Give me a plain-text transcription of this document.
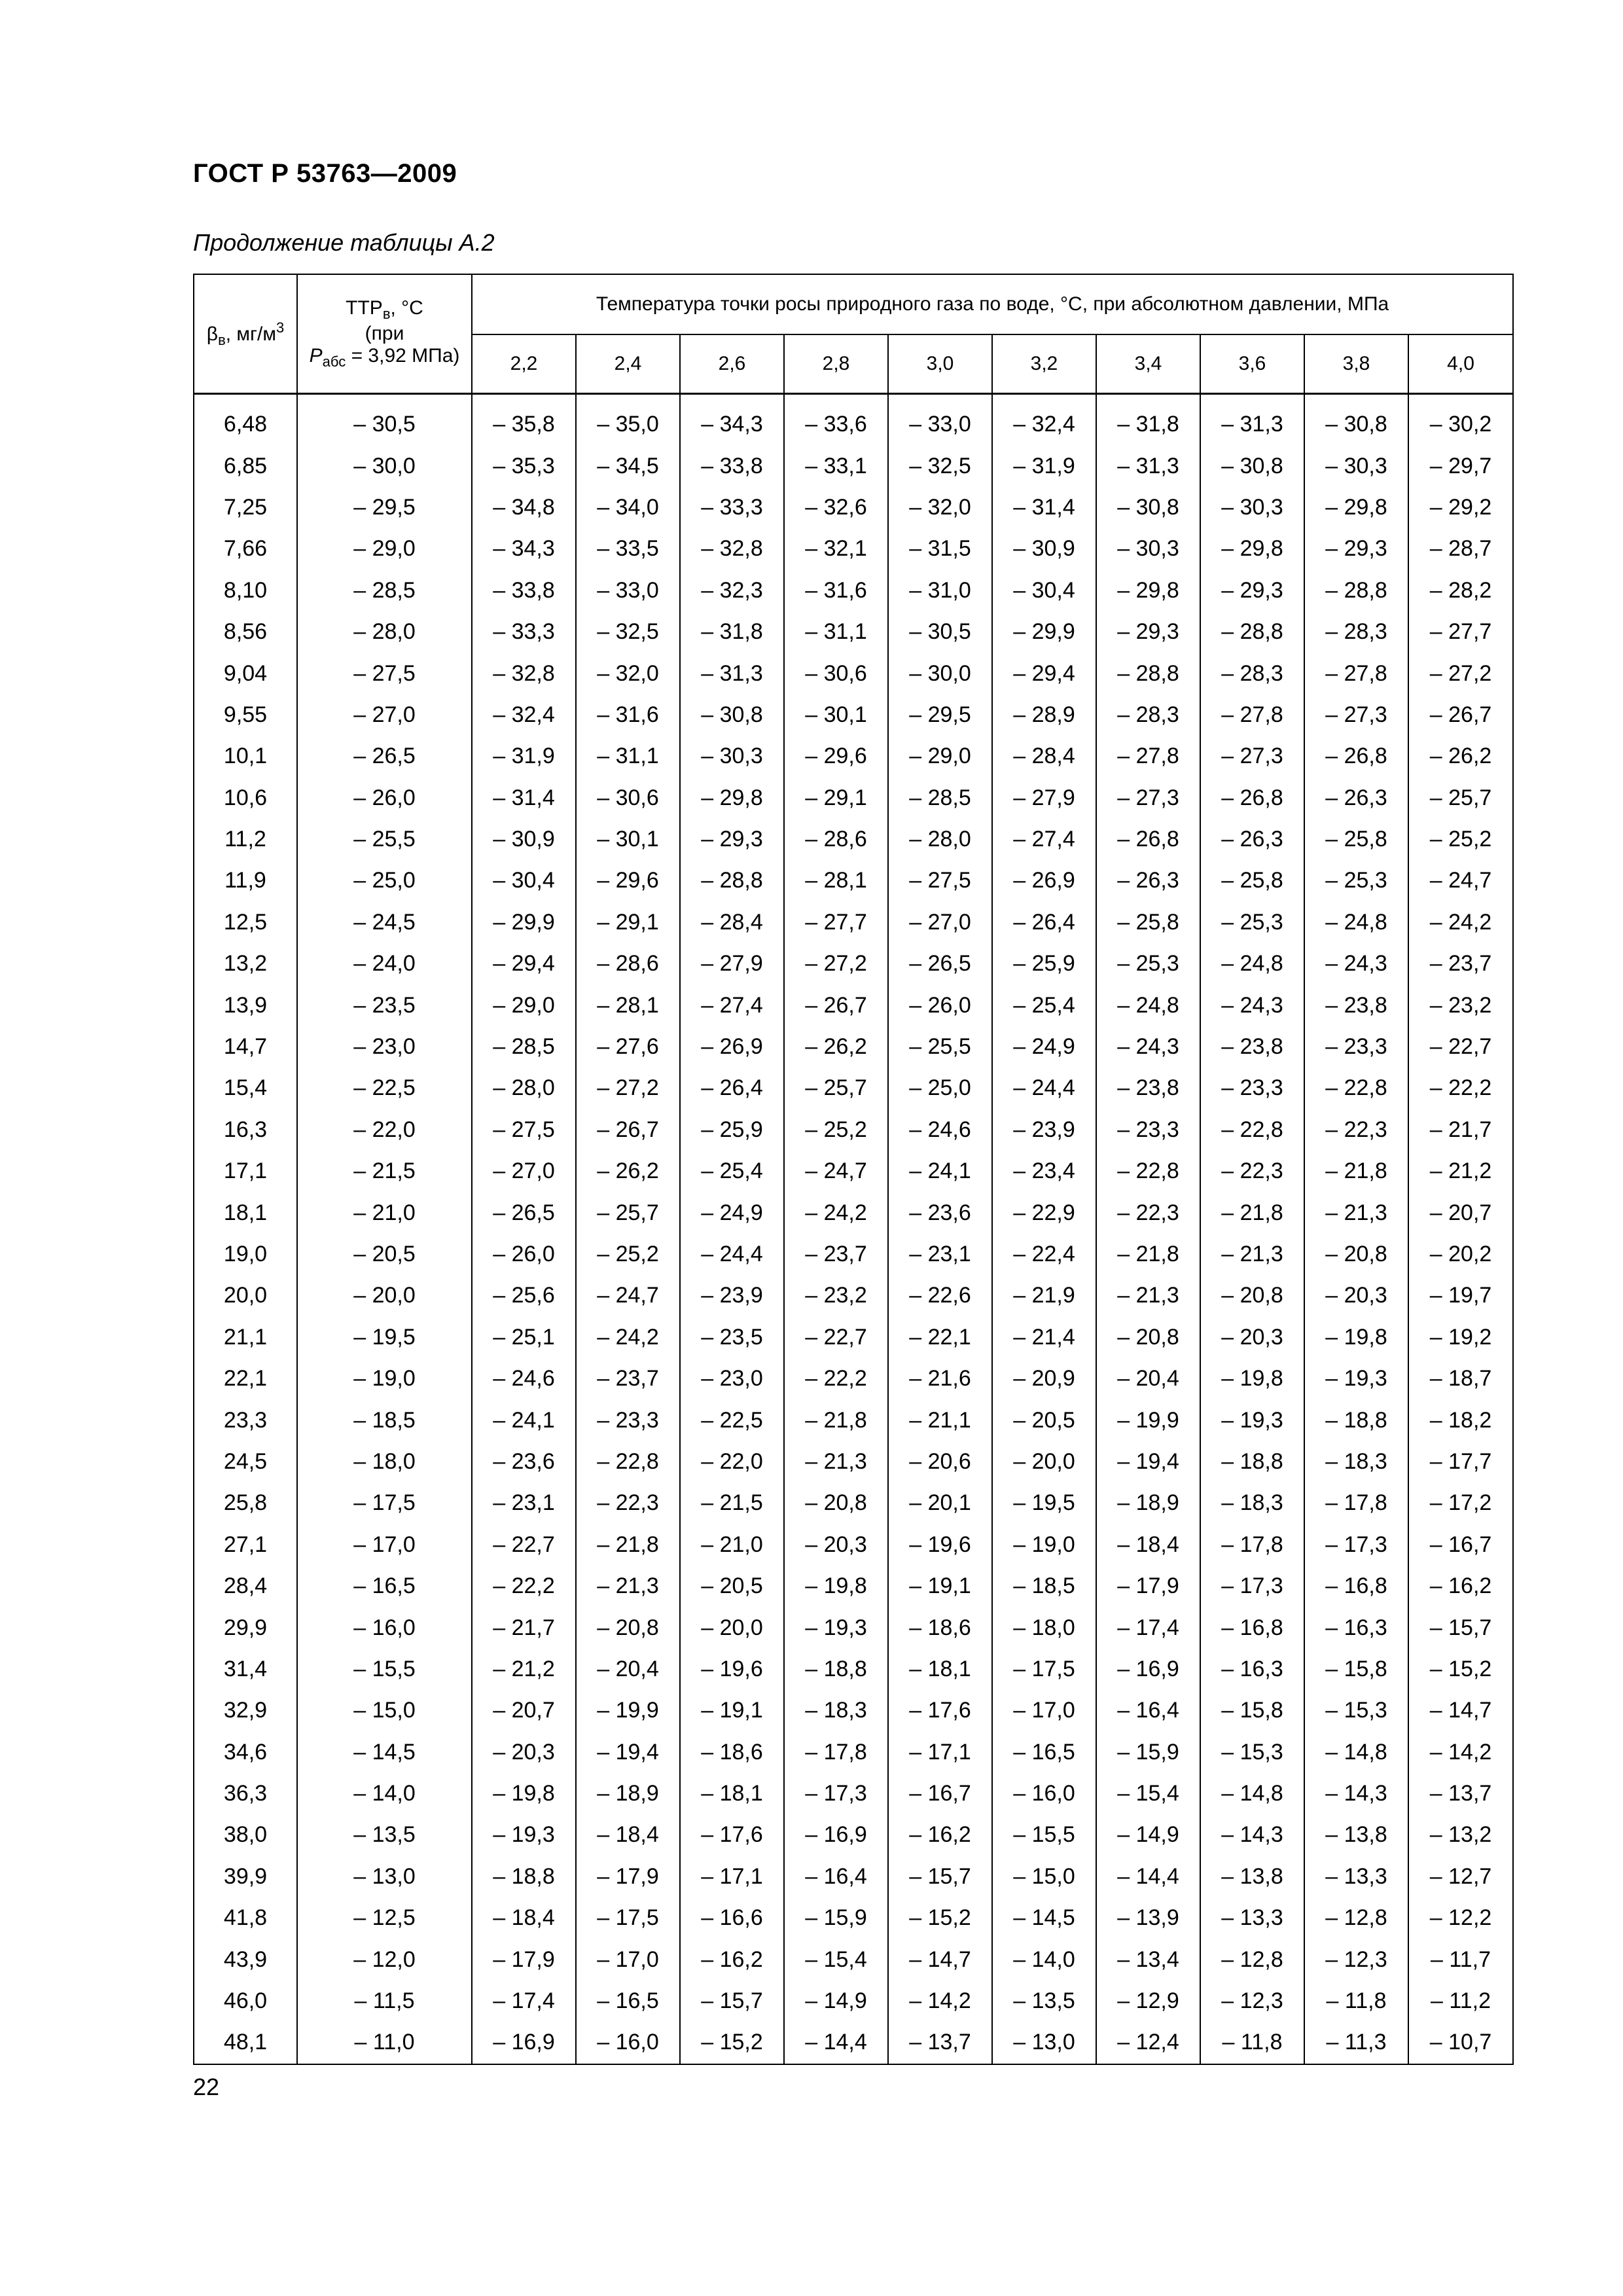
ГОСТ Р 53763—2009
Продолжение таблицы А.2
$\beta_в$, $мг/м^3$	$ТТР_в$, °С
(при
$P_{абс} = 3,92$ МПа)	Температура точки росы природного газа по воде, °С, при абсолютном давлении, МПа									
		2,2	2,4	2,6	2,8	3,0	3,2	3,4	3,6	3,8	4,0

6,48	– 30,5	– 35,8	– 35,0	– 34,3	– 33,6	– 33,0	– 32,4	– 31,8	– 31,3	– 30,8	– 30,2
6,85	– 30,0	– 35,3	– 34,5	– 33,8	– 33,1	– 32,5	– 31,9	– 31,3	– 30,8	– 30,3	– 29,7
7,25	– 29,5	– 34,8	– 34,0	– 33,3	– 32,6	– 32,0	– 31,4	– 30,8	– 30,3	– 29,8	– 29,2
7,66	– 29,0	– 34,3	– 33,5	– 32,8	– 32,1	– 31,5	– 30,9	– 30,3	– 29,8	– 29,3	– 28,7
8,10	– 28,5	– 33,8	– 33,0	– 32,3	– 31,6	– 31,0	– 30,4	– 29,8	– 29,3	– 28,8	– 28,2
8,56	– 28,0	– 33,3	– 32,5	– 31,8	– 31,1	– 30,5	– 29,9	– 29,3	– 28,8	– 28,3	– 27,7
9,04	– 27,5	– 32,8	– 32,0	– 31,3	– 30,6	– 30,0	– 29,4	– 28,8	– 28,3	– 27,8	– 27,2
9,55	– 27,0	– 32,4	– 31,6	– 30,8	– 30,1	– 29,5	– 28,9	– 28,3	– 27,8	– 27,3	– 26,7
10,1	– 26,5	– 31,9	– 31,1	– 30,3	– 29,6	– 29,0	– 28,4	– 27,8	– 27,3	– 26,8	– 26,2
10,6	– 26,0	– 31,4	– 30,6	– 29,8	– 29,1	– 28,5	– 27,9	– 27,3	– 26,8	– 26,3	– 25,7
11,2	– 25,5	– 30,9	– 30,1	– 29,3	– 28,6	– 28,0	– 27,4	– 26,8	– 26,3	– 25,8	– 25,2
11,9	– 25,0	– 30,4	– 29,6	– 28,8	– 28,1	– 27,5	– 26,9	– 26,3	– 25,8	– 25,3	– 24,7
12,5	– 24,5	– 29,9	– 29,1	– 28,4	– 27,7	– 27,0	– 26,4	– 25,8	– 25,3	– 24,8	– 24,2
13,2	– 24,0	– 29,4	– 28,6	– 27,9	– 27,2	– 26,5	– 25,9	– 25,3	– 24,8	– 24,3	– 23,7
13,9	– 23,5	– 29,0	– 28,1	– 27,4	– 26,7	– 26,0	– 25,4	– 24,8	– 24,3	– 23,8	– 23,2
14,7	– 23,0	– 28,5	– 27,6	– 26,9	– 26,2	– 25,5	– 24,9	– 24,3	– 23,8	– 23,3	– 22,7
15,4	– 22,5	– 28,0	– 27,2	– 26,4	– 25,7	– 25,0	– 24,4	– 23,8	– 23,3	– 22,8	– 22,2
16,3	– 22,0	– 27,5	– 26,7	– 25,9	– 25,2	– 24,6	– 23,9	– 23,3	– 22,8	– 22,3	– 21,7
17,1	– 21,5	– 27,0	– 26,2	– 25,4	– 24,7	– 24,1	– 23,4	– 22,8	– 22,3	– 21,8	– 21,2
18,1	– 21,0	– 26,5	– 25,7	– 24,9	– 24,2	– 23,6	– 22,9	– 22,3	– 21,8	– 21,3	– 20,7
19,0	– 20,5	– 26,0	– 25,2	– 24,4	– 23,7	– 23,1	– 22,4	– 21,8	– 21,3	– 20,8	– 20,2
20,0	– 20,0	– 25,6	– 24,7	– 23,9	– 23,2	– 22,6	– 21,9	– 21,3	– 20,8	– 20,3	– 19,7
21,1	– 19,5	– 25,1	– 24,2	– 23,5	– 22,7	– 22,1	– 21,4	– 20,8	– 20,3	– 19,8	– 19,2
22,1	– 19,0	– 24,6	– 23,7	– 23,0	– 22,2	– 21,6	– 20,9	– 20,4	– 19,8	– 19,3	– 18,7
23,3	– 18,5	– 24,1	– 23,3	– 22,5	– 21,8	– 21,1	– 20,5	– 19,9	– 19,3	– 18,8	– 18,2
24,5	– 18,0	– 23,6	– 22,8	– 22,0	– 21,3	– 20,6	– 20,0	– 19,4	– 18,8	– 18,3	– 17,7
25,8	– 17,5	– 23,1	– 22,3	– 21,5	– 20,8	– 20,1	– 19,5	– 18,9	– 18,3	– 17,8	– 17,2
27,1	– 17,0	– 22,7	– 21,8	– 21,0	– 20,3	– 19,6	– 19,0	– 18,4	– 17,8	– 17,3	– 16,7
28,4	– 16,5	– 22,2	– 21,3	– 20,5	– 19,8	– 19,1	– 18,5	– 17,9	– 17,3	– 16,8	– 16,2
29,9	– 16,0	– 21,7	– 20,8	– 20,0	– 19,3	– 18,6	– 18,0	– 17,4	– 16,8	– 16,3	– 15,7
31,4	– 15,5	– 21,2	– 20,4	– 19,6	– 18,8	– 18,1	– 17,5	– 16,9	– 16,3	– 15,8	– 15,2
32,9	– 15,0	– 20,7	– 19,9	– 19,1	– 18,3	– 17,6	– 17,0	– 16,4	– 15,8	– 15,3	– 14,7
34,6	– 14,5	– 20,3	– 19,4	– 18,6	– 17,8	– 17,1	– 16,5	– 15,9	– 15,3	– 14,8	– 14,2
36,3	– 14,0	– 19,8	– 18,9	– 18,1	– 17,3	– 16,7	– 16,0	– 15,4	– 14,8	– 14,3	– 13,7
38,0	– 13,5	– 19,3	– 18,4	– 17,6	– 16,9	– 16,2	– 15,5	– 14,9	– 14,3	– 13,8	– 13,2
39,9	– 13,0	– 18,8	– 17,9	– 17,1	– 16,4	– 15,7	– 15,0	– 14,4	– 13,8	– 13,3	– 12,7
41,8	– 12,5	– 18,4	– 17,5	– 16,6	– 15,9	– 15,2	– 14,5	– 13,9	– 13,3	– 12,8	– 12,2
43,9	– 12,0	– 17,9	– 17,0	– 16,2	– 15,4	– 14,7	– 14,0	– 13,4	– 12,8	– 12,3	– 11,7
46,0	– 11,5	– 17,4	– 16,5	– 15,7	– 14,9	– 14,2	– 13,5	– 12,9	– 12,3	– 11,8	– 11,2
48,1	– 11,0	– 16,9	– 16,0	– 15,2	– 14,4	– 13,7	– 13,0	– 12,4	– 11,8	– 11,3	– 10,7
22
